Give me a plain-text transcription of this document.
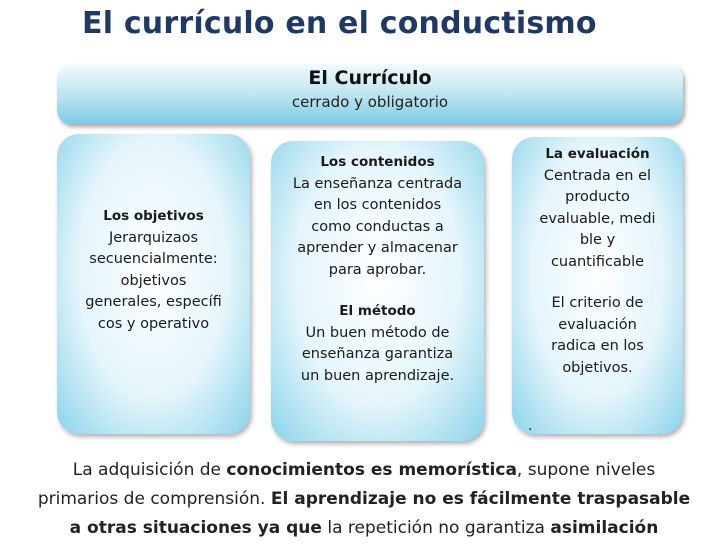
El currículo en el conductismo
El Currículo
cerrado y obligatorio
Los objetivos
Jerarquizaos
secuencialmente:
objetivos
generales, específi
cos y operativo
Los contenidos
La enseñanza centrada
en los contenidos
como conductas a
aprender y almacenar
para aprobar.
El método
Un buen método de
enseñanza garantiza
un buen aprendizaje.
La evaluación
Centrada en el
producto
evaluable, medi
ble y
cuantificable
El criterio de
evaluación
radica en los
objetivos.
.
La adquisición de conocimientos es memorística, supone niveles
primarios de comprensión. El aprendizaje no es fácilmente traspasable
a otras situaciones ya que la repetición no garantiza asimilación
